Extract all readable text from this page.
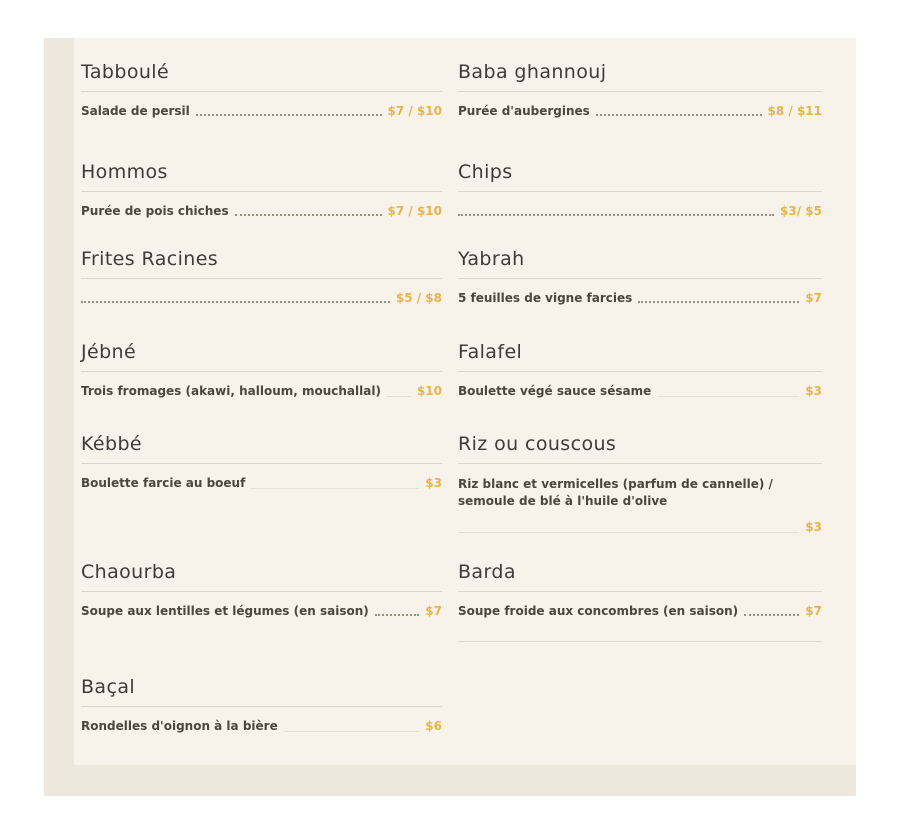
Tabboulé
Salade de persil	$7 / $10
Hommos
Purée de pois chiches	$7 / $10
Frites Racines
$5 / $8
Jébné
Trois fromages (akawi, halloum, mouchallal)	$10
Kébbé
Boulette farcie au boeuf	$3
Chaourba
Soupe aux lentilles et légumes (en saison)	$7
Baçal
Rondelles d'oignon à la bière	$6
Baba ghannouj
Purée d'aubergines	$8 / $11
Chips
$3/ $5
Yabrah
5 feuilles de vigne farcies	$7
Falafel
Boulette végé sauce sésame	$3
Riz ou couscous
Riz blanc et vermicelles (parfum de cannelle) / semoule de blé à l'huile d'olive
$3
Barda
Soupe froide aux concombres (en saison)	$7
